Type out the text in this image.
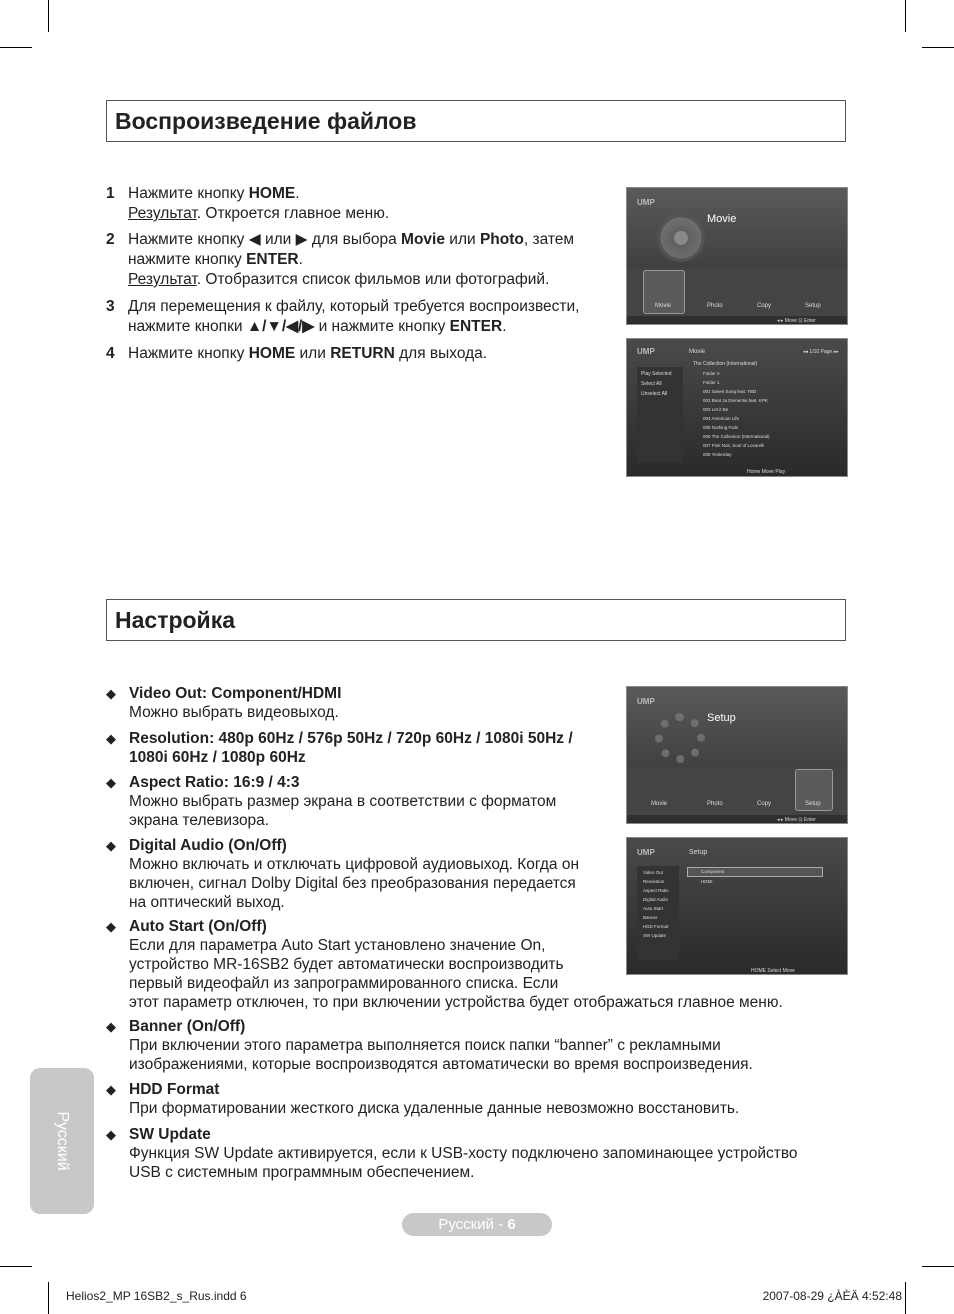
Воспроизведение файлов
1 Нажмите кнопку HOME.
Результат. Откроется главное меню.
2 Нажмите кнопку ◀ или ▶ для выбора Movie или Photo, затем
нажмите кнопку ENTER.
Результат. Отобразится список фильмов или фотографий.
3 Для перемещения к файлу, который требуется воспроизвести,
нажмите кнопки ▲/▼/◀/▶ и нажмите кнопку ENTER.
4 Нажмите кнопку HOME или RETURN для выхода.
UMP
Movie
Movie	Photo	Copy	Setup
◂ ▸ Move ⊡ Enter
UMP	Movie	◂◂ 1/10 Page ▸▸
The Collection (International)
Play Selected
Select All
Unselect All
Folder 0
Folder 1
001 Sweet Song feat. TBD
002 Beat Ja Dementia feat. KPK
003 Let it Be
004 American Life
005 Nothing Fails
006 The Collection (International)
007 Pink Noir, Soul of Lovarelli
008 Yesterday
Home Move Play
Настройка
◆ Video Out: Component/HDMI
Можно выбрать видеовыход.
◆ Resolution: 480p 60Hz / 576p 50Hz / 720p 60Hz / 1080i 50Hz /
1080i 60Hz / 1080p 60Hz
◆ Aspect Ratio: 16:9 / 4:3
Можно выбрать размер экрана в соответствии с форматом
экрана телевизора.
◆ Digital Audio (On/Off)
Можно включать и отключать цифровой аудиовыход. Когда он
включен, сигнал Dolby Digital без преобразования передается
на оптический выход.
◆ Auto Start (On/Off)
Если для параметра Auto Start установлено значение On,
устройство MR-16SB2 будет автоматически воспроизводить
первый видеофайл из запрограммированного списка. Если
этот параметр отключен, то при включении устройства будет отображаться главное меню.
◆ Banner (On/Off)
При включении этого параметра выполняется поиск папки “banner” с рекламными
изображениями, которые воспроизводятся автоматически во время воспроизведения.
◆ HDD Format
При форматировании жесткого диска удаленные данные невозможно восстановить.
◆ SW Update
Функция SW Update активируется, если к USB-хосту подключено запоминающее устройство
USB с системным программным обеспечением.
UMP
Setup
Movie	Photo	Copy	Setup
◂ ▸ Move ⊡ Enter
UMP	Setup
Video Out
Resolution
Aspect Ratio
Digital Audio
Auto Start
Banner
HDD Format
SW Update
Component
HDMI
HOME Select Move
Русский
Русский - 6
Helios2_MP 16SB2_s_Rus.indd 6	2007-08-29 ¿ÀÈÄ 4:52:48
